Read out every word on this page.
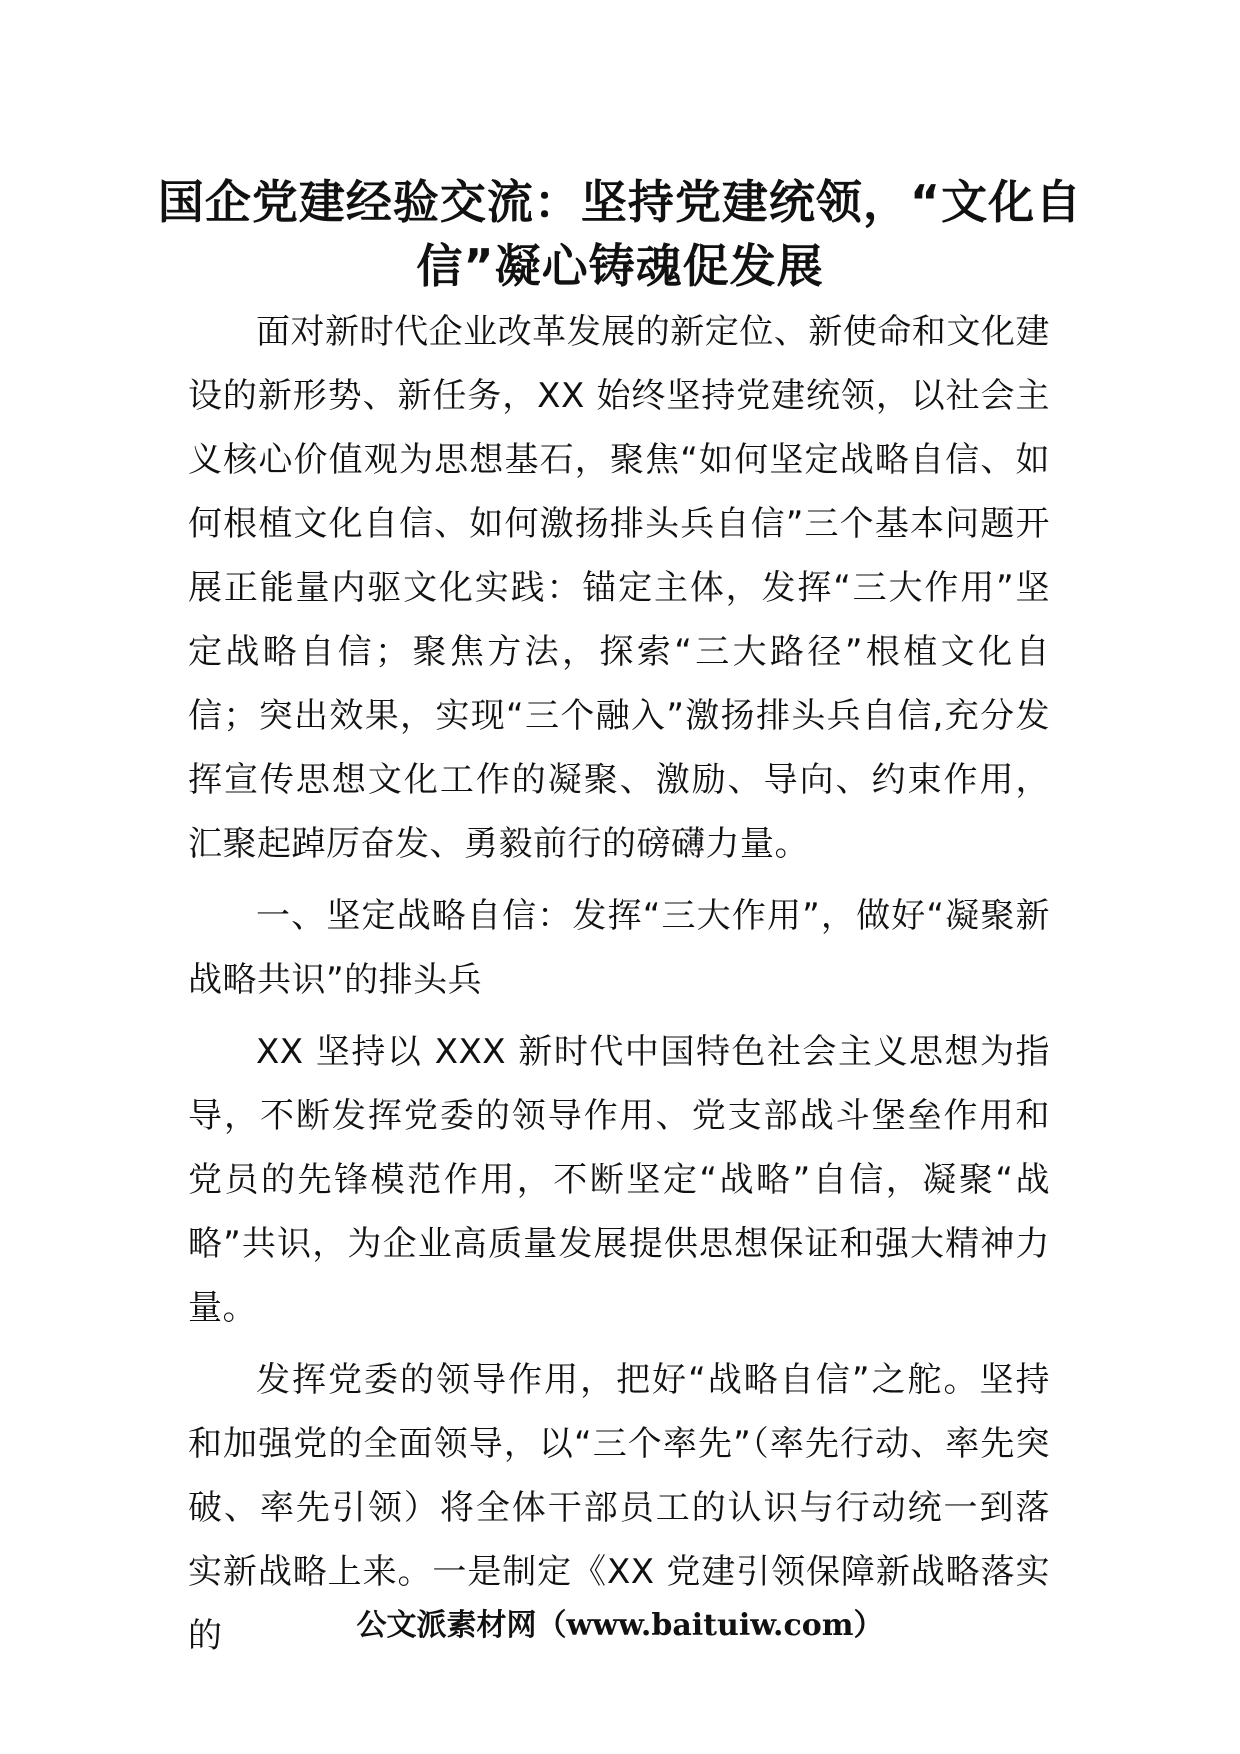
国企党建经验交流：坚持党建统领，“文化自信”凝心铸魂促发展

面对新时代企业改革发展的新定位、新使命和文化建设的新形势、新任务，XX 始终坚持党建统领，以社会主义核心价值观为思想基石，聚焦“如何坚定战略自信、如何根植文化自信、如何激扬排头兵自信”三个基本问题开展正能量内驱文化实践：锚定主体，发挥“三大作用”坚定战略自信；聚焦方法，探索“三大路径”根植文化自信；突出效果，实现“三个融入”激扬排头兵自信,充分发挥宣传思想文化工作的凝聚、激励、导向、约束作用，汇聚起踔厉奋发、勇毅前行的磅礴力量。

一、坚定战略自信：发挥“三大作用”，做好“凝聚新战略共识”的排头兵

XX 坚持以 XXX 新时代中国特色社会主义思想为指导，不断发挥党委的领导作用、党支部战斗堡垒作用和党员的先锋模范作用，不断坚定“战略”自信，凝聚“战略”共识，为企业高质量发展提供思想保证和强大精神力量。

发挥党委的领导作用，把好“战略自信”之舵。坚持和加强党的全面领导，以“三个率先”（率先行动、率先突破、率先引领）将全体干部员工的认识与行动统一到落实新战略上来。一是制定《XX 党建引领保障新战略落实的	公文派素材网（www.baituiw.com）
